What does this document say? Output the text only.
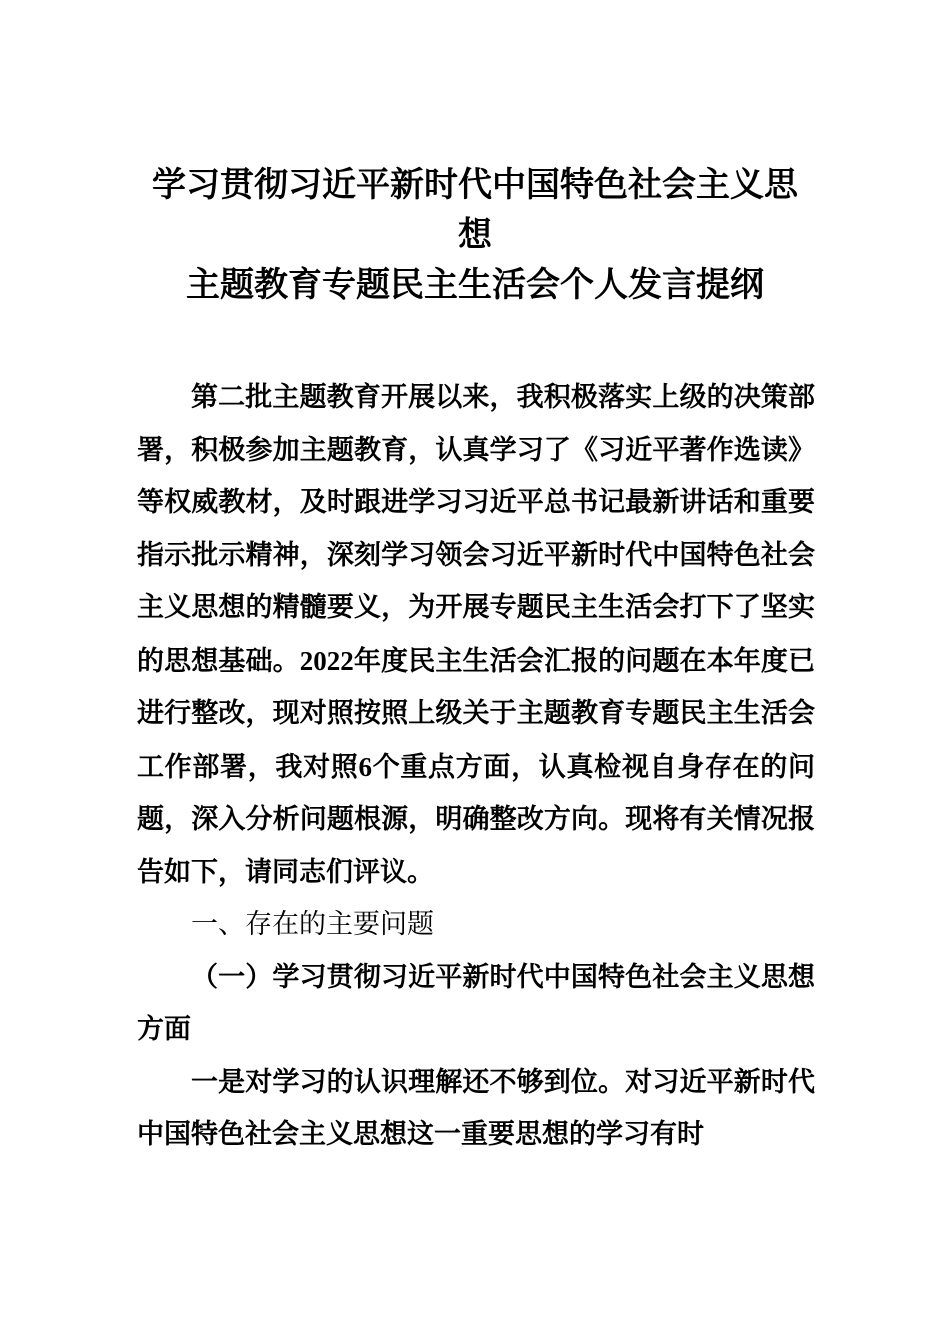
学习贯彻习近平新时代中国特色社会主义思
想
主题教育专题民主生活会个人发言提纲

第二批主题教育开展以来，我积极落实上级的决策部署，积极参加主题教育，认真学习了《习近平著作选读》等权威教材，及时跟进学习习近平总书记最新讲话和重要指示批示精神，深刻学习领会习近平新时代中国特色社会主义思想的精髓要义，为开展专题民主生活会打下了坚实的思想基础。2022年度民主生活会汇报的问题在本年度已进行整改，现对照按照上级关于主题教育专题民主生活会工作部署，我对照6个重点方面，认真检视自身存在的问题，深入分析问题根源，明确整改方向。现将有关情况报告如下，请同志们评议。

一、存在的主要问题

（一）学习贯彻习近平新时代中国特色社会主义思想方面

一是对学习的认识理解还不够到位。对习近平新时代中国特色社会主义思想这一重要思想的学习有时
